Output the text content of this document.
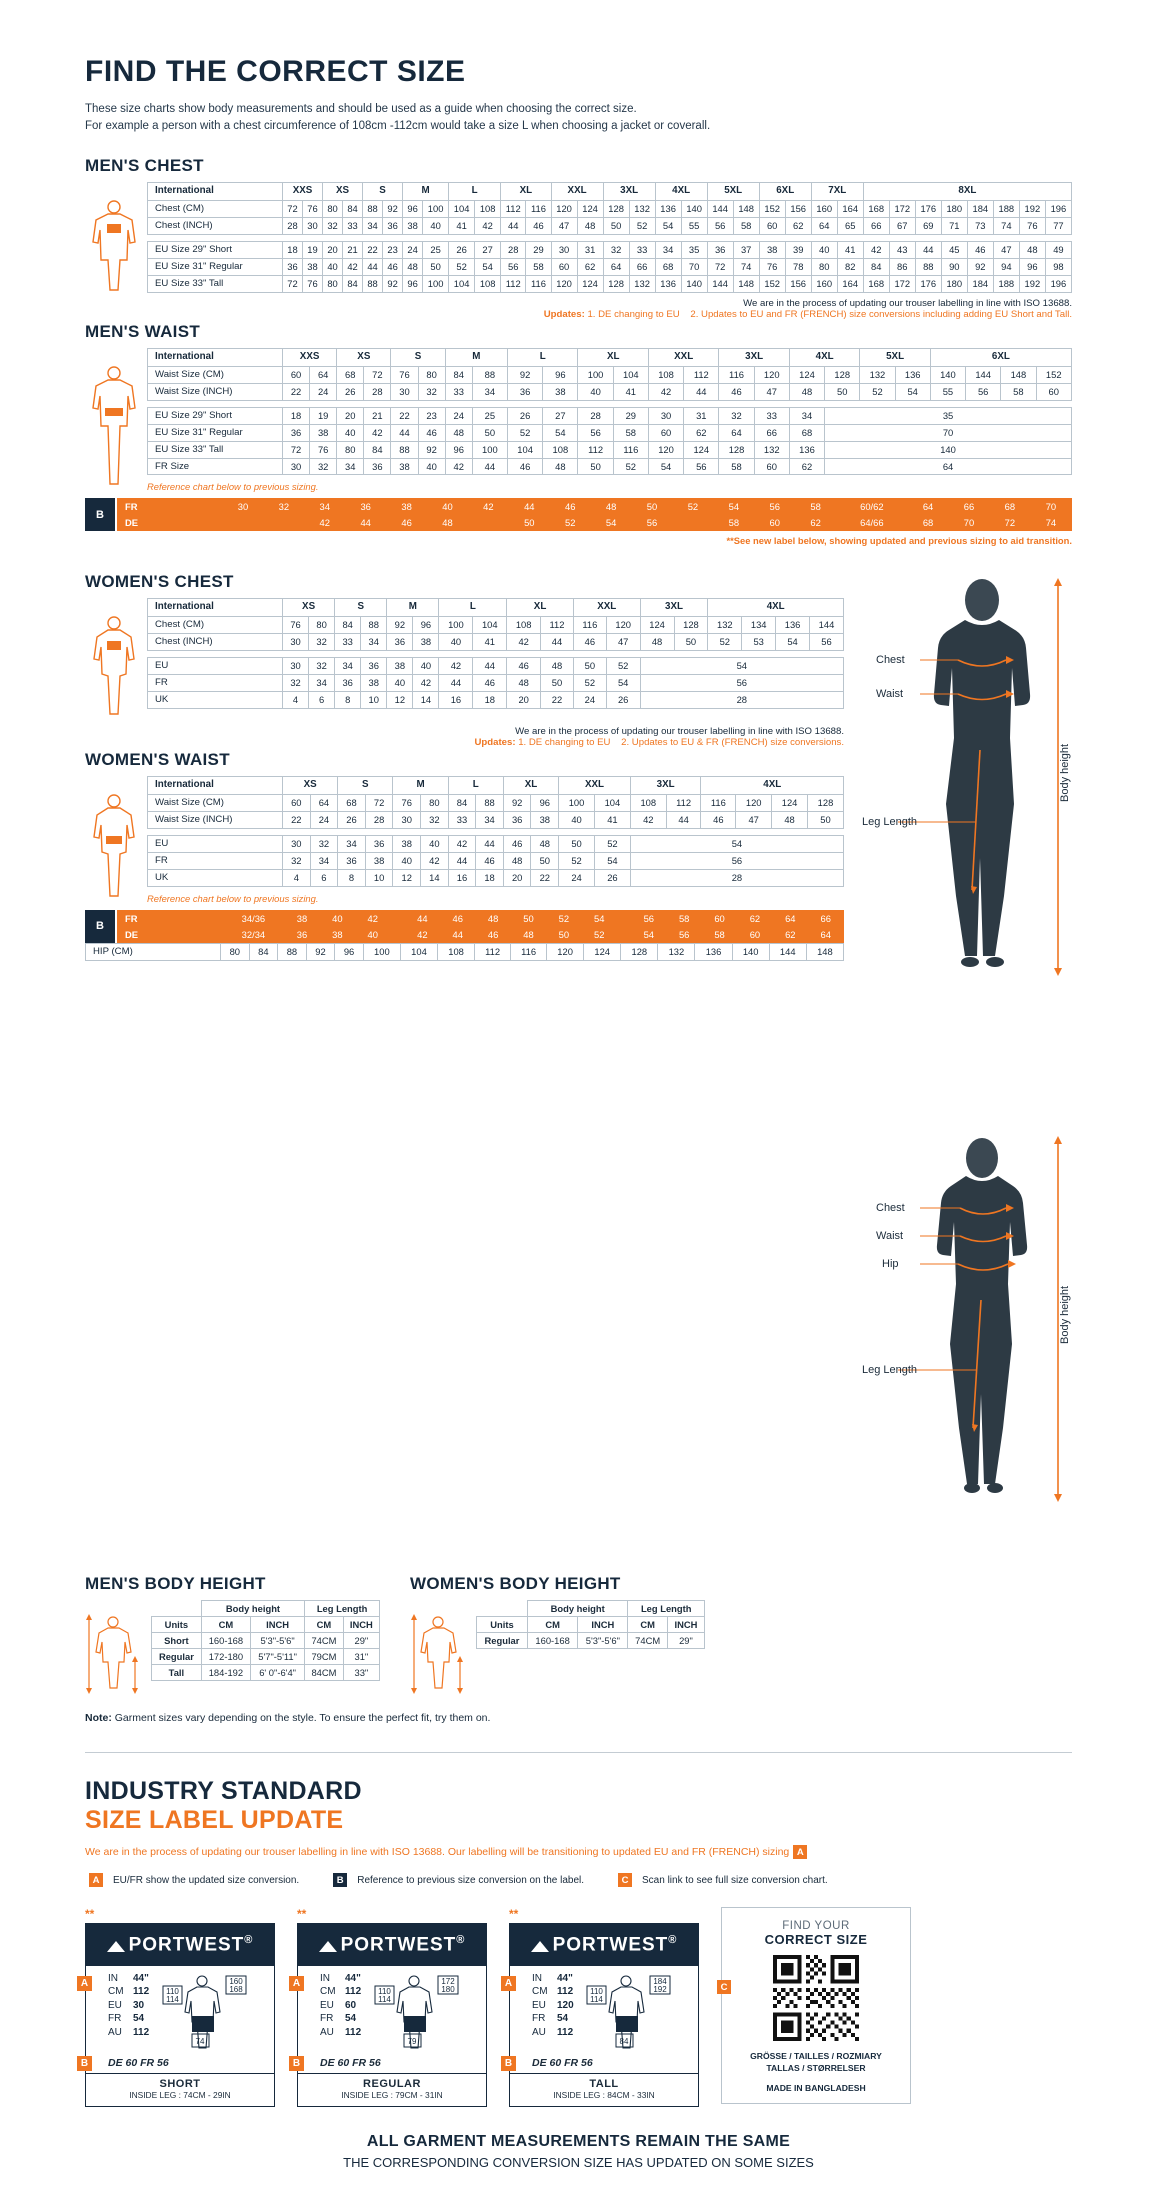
FIND THE CORRECT SIZE
These size charts show body measurements and should be used as a guide when choosing the correct size.
For example a person with a chest circumference of 108cm -112cm would take a size L when choosing a jacket or coverall.
MEN'S CHEST
International	XXS		XS		S		M		L		XL		XXL		3XL		4XL		5XL		6XL		7XL		8XL							
Chest (CM)	72	76	80	84	88	92	96	100	104	108	112	116	120	124	128	132	136	140	144	148	152	156	160	164	168	172	176	180	184	188	192	196
Chest (INCH)	28	30	32	33	34	36	38	40	41	42	44	46	47	48	50	52	54	55	56	58	60	62	64	65	66	67	69	71	73	74	76	77

EU Size 29" Short	18	19	20	21	22	23	24	25	26	27	28	29	30	31	32	33	34	35	36	37	38	39	40	41	42	43	44	45	46	47	48	49
EU Size 31" Regular	36	38	40	42	44	46	48	50	52	54	56	58	60	62	64	66	68	70	72	74	76	78	80	82	84	86	88	90	92	94	96	98
EU Size 33" Tall	72	76	80	84	88	92	96	100	104	108	112	116	120	124	128	132	136	140	144	148	152	156	160	164	168	172	176	180	184	188	192	196
We are in the process of updating our trouser labelling in line with ISO 13688.
Updates: 1. DE changing to EU 2. Updates to EU and FR (FRENCH) size conversions including adding EU Short and Tall.
MEN'S WAIST
International	XXS		XS		S		M		L		XL		XXL		3XL		4XL		5XL		6XL			
Waist Size (CM)	60	64	68	72	76	80	84	88	92	96	100	104	108	112	116	120	124	128	132	136	140	144	148	152
Waist Size (INCH)	22	24	26	28	30	32	33	34	36	38	40	41	42	44	46	47	48	50	52	54	55	56	58	60

EU Size 29" Short	18	19	20	21	22	23	24	25	26	27	28	29	30	31	32	33	34	35						
EU Size 31" Regular	36	38	40	42	44	46	48	50	52	54	56	58	60	62	64	66	68	70						
EU Size 33" Tall	72	76	80	84	88	92	96	100	104	108	112	116	120	124	128	132	136	140						
FR Size	30	32	34	36	38	40	42	44	46	48	50	52	54	56	58	60	62	64						
Reference chart below to previous sizing.
B
FR	30	32	34	36	38	40	42	44	46	48	50	52	54	56	58	60/62	64	66	68	70
DE			42	44	46	48		50	52	54	56		58	60	62	64/66	68	70	72	74
**See new label below, showing updated and previous sizing to aid transition.
WOMEN'S CHEST
International	XS		S		M		L		XL		XXL		3XL		4XL			
Chest (CM)	76	80	84	88	92	96	100	104	108	112	116	120	124	128	132	134	136	144
Chest (INCH)	30	32	33	34	36	38	40	41	42	44	46	47	48	50	52	53	54	56

EU	30	32	34	36	38	40	42	44	46	48	50	52	54					
FR	32	34	36	38	40	42	44	46	48	50	52	54	56					
UK	4	6	8	10	12	14	16	18	20	22	24	26	28					
We are in the process of updating our trouser labelling in line with ISO 13688.
Updates: 1. DE changing to EU 2. Updates to EU & FR (FRENCH) size conversions.
WOMEN'S WAIST
International	XS		S		M		L		XL		XXL		3XL		4XL			
Waist Size (CM)	60	64	68	72	76	80	84	88	92	96	100	104	108	112	116	120	124	128
Waist Size (INCH)	22	24	26	28	30	32	33	34	36	38	40	41	42	44	46	47	48	50

EU	30	32	34	36	38	40	42	44	46	48	50	52	54					
FR	32	34	36	38	40	42	44	46	48	50	52	54	56					
UK	4	6	8	10	12	14	16	18	20	22	24	26	28					
Reference chart below to previous sizing.
B
FR	34/36	38	40	42		44	46	48	50	52	54		56	58	60	62	64	66
DE	32/34	36	38	40		42	44	46	48	50	52		54	56	58	60	62	64
HIP (CM)	80	84	88	92	96	100	104	108	112	116	120	124	128	132	136	140	144	148
Chest
Waist
Leg Length
Body height
Chest
Waist
Hip
Leg Length
Body height
MEN'S BODY HEIGHT
	Body height		Leg Length	
Units	CM	INCH	CM	INCH
Short	160-168	5'3"-5'6"	74CM	29"
Regular	172-180	5'7"-5'11"	79CM	31"
Tall	184-192	6' 0"-6'4"	84CM	33"
WOMEN'S BODY HEIGHT
	Body height		Leg Length	
Units	CM	INCH	CM	INCH
Regular	160-168	5'3"-5'6"	74CM	29"
Note: Garment sizes vary depending on the style. To ensure the perfect fit, try them on.
INDUSTRY STANDARD
SIZE LABEL UPDATE
We are in the process of updating our trouser labelling in line with ISO 13688. Our labelling will be transitioning to updated EU and FR (FRENCH) sizing A
A	EU/FR show the updated size conversion.	B	Reference to previous size conversion on the label.	C	Scan link to see full size conversion chart.
**
PORTWEST®
A	IN	44"
CM 112
EU	30
FR	54
AU	112
110
114
160
168
74
B	DE 60 FR 56
SHORT
INSIDE LEG : 74CM - 29IN
**
PORTWEST®
A	IN	44"
CM 112
EU	60
FR	54
AU	112
110
114
172
180
79
B	DE 60 FR 56
REGULAR
INSIDE LEG : 79CM - 31IN
**
PORTWEST®
A	IN	44"
CM 112
EU	120
FR	54
AU	112
110
114
184
192
84
B	DE 60 FR 56
TALL
INSIDE LEG : 84CM - 33IN
C
FIND YOUR
CORRECT SIZE
GRÖSSE / TAILLES / ROZMIARY
TALLAS / STØRRELSER
MADE IN BANGLADESH
ALL GARMENT MEASUREMENTS REMAIN THE SAME
THE CORRESPONDING CONVERSION SIZE HAS UPDATED ON SOME SIZES
